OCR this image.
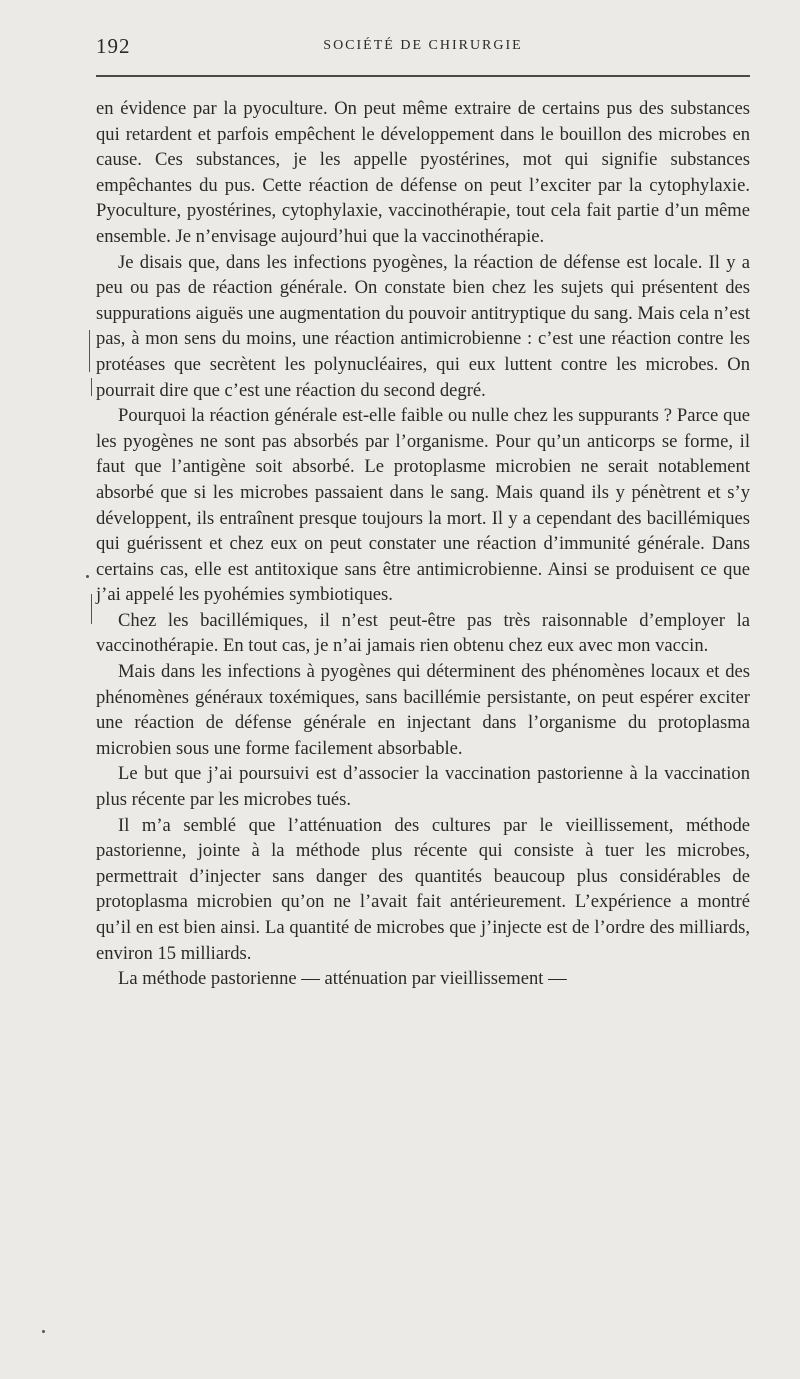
192	SOCIÉTÉ DE CHIRURGIE

en évidence par la pyoculture. On peut même extraire de certains pus des substances qui retardent et parfois empêchent le développement dans le bouillon des microbes en cause. Ces substances, je les appelle pyostérines, mot qui signifie substances empêchantes du pus. Cette réaction de défense on peut l’exciter par la cytophylaxie. Pyoculture, pyostérines, cytophylaxie, vaccinothérapie, tout cela fait partie d’un même ensemble. Je n’envisage aujourd’hui que la vaccinothérapie.

Je disais que, dans les infections pyogènes, la réaction de défense est locale. Il y a peu ou pas de réaction générale. On constate bien chez les sujets qui présentent des suppurations aiguës une augmentation du pouvoir antitryptique du sang. Mais cela n’est pas, à mon sens du moins, une réaction antimicrobienne : c’est une réaction contre les protéases que secrètent les polynucléaires, qui eux luttent contre les microbes. On pourrait dire que c’est une réaction du second degré.

Pourquoi la réaction générale est-elle faible ou nulle chez les suppurants ? Parce que les pyogènes ne sont pas absorbés par l’organisme. Pour qu’un anticorps se forme, il faut que l’antigène soit absorbé. Le protoplasme microbien ne serait notablement absorbé que si les microbes passaient dans le sang. Mais quand ils y pénètrent et s’y développent, ils entraînent presque toujours la mort. Il y a cependant des bacillémiques qui guérissent et chez eux on peut constater une réaction d’immunité générale. Dans certains cas, elle est antitoxique sans être antimicrobienne. Ainsi se produisent ce que j’ai appelé les pyohémies symbiotiques.

Chez les bacillémiques, il n’est peut-être pas très raisonnable d’employer la vaccinothérapie. En tout cas, je n’ai jamais rien obtenu chez eux avec mon vaccin.

Mais dans les infections à pyogènes qui déterminent des phénomènes locaux et des phénomènes généraux toxémiques, sans bacillémie persistante, on peut espérer exciter une réaction de défense générale en injectant dans l’organisme du protoplasma microbien sous une forme facilement absorbable.

Le but que j’ai poursuivi est d’associer la vaccination pastorienne à la vaccination plus récente par les microbes tués.

Il m’a semblé que l’atténuation des cultures par le vieillissement, méthode pastorienne, jointe à la méthode plus récente qui consiste à tuer les microbes, permettrait d’injecter sans danger des quantités beaucoup plus considérables de protoplasma microbien qu’on ne l’avait fait antérieurement. L’expérience a montré qu’il en est bien ainsi. La quantité de microbes que j’injecte est de l’ordre des milliards, environ 15 milliards.

La méthode pastorienne — atténuation par vieillissement —
